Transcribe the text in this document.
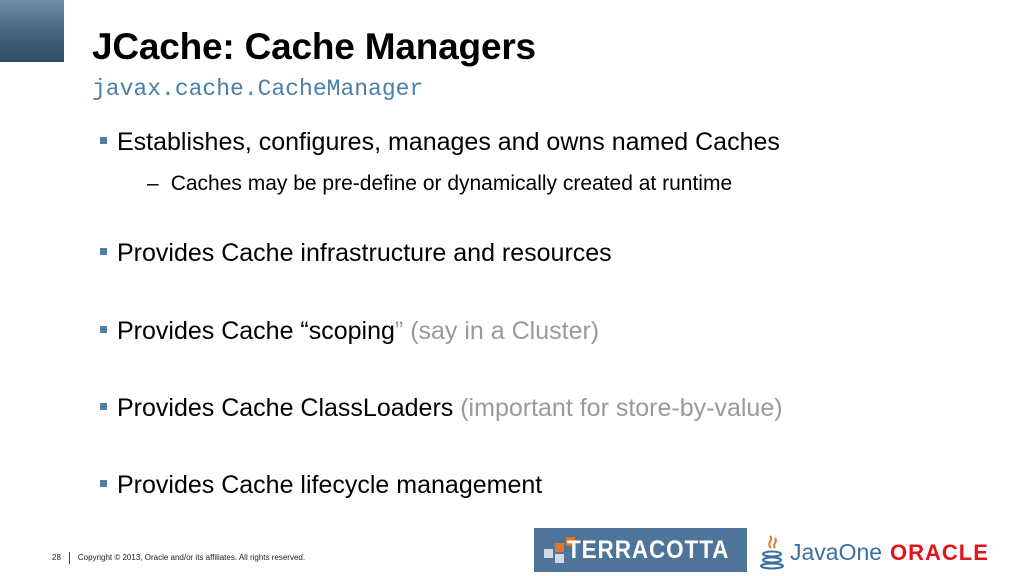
JCache: Cache Managers
javax.cache.CacheManager
Establishes, configures, manages and owns named Caches
– Caches may be pre-define or dynamically created at runtime
Provides Cache infrastructure and resources
Provides Cache “scoping” (say in a Cluster)
Provides Cache ClassLoaders (important for store-by-value)
Provides Cache lifecycle management
28 Copyright © 2013, Oracle and/or its affiliates. All rights reserved.	TERRACOTTA	JavaOne ORACLE
